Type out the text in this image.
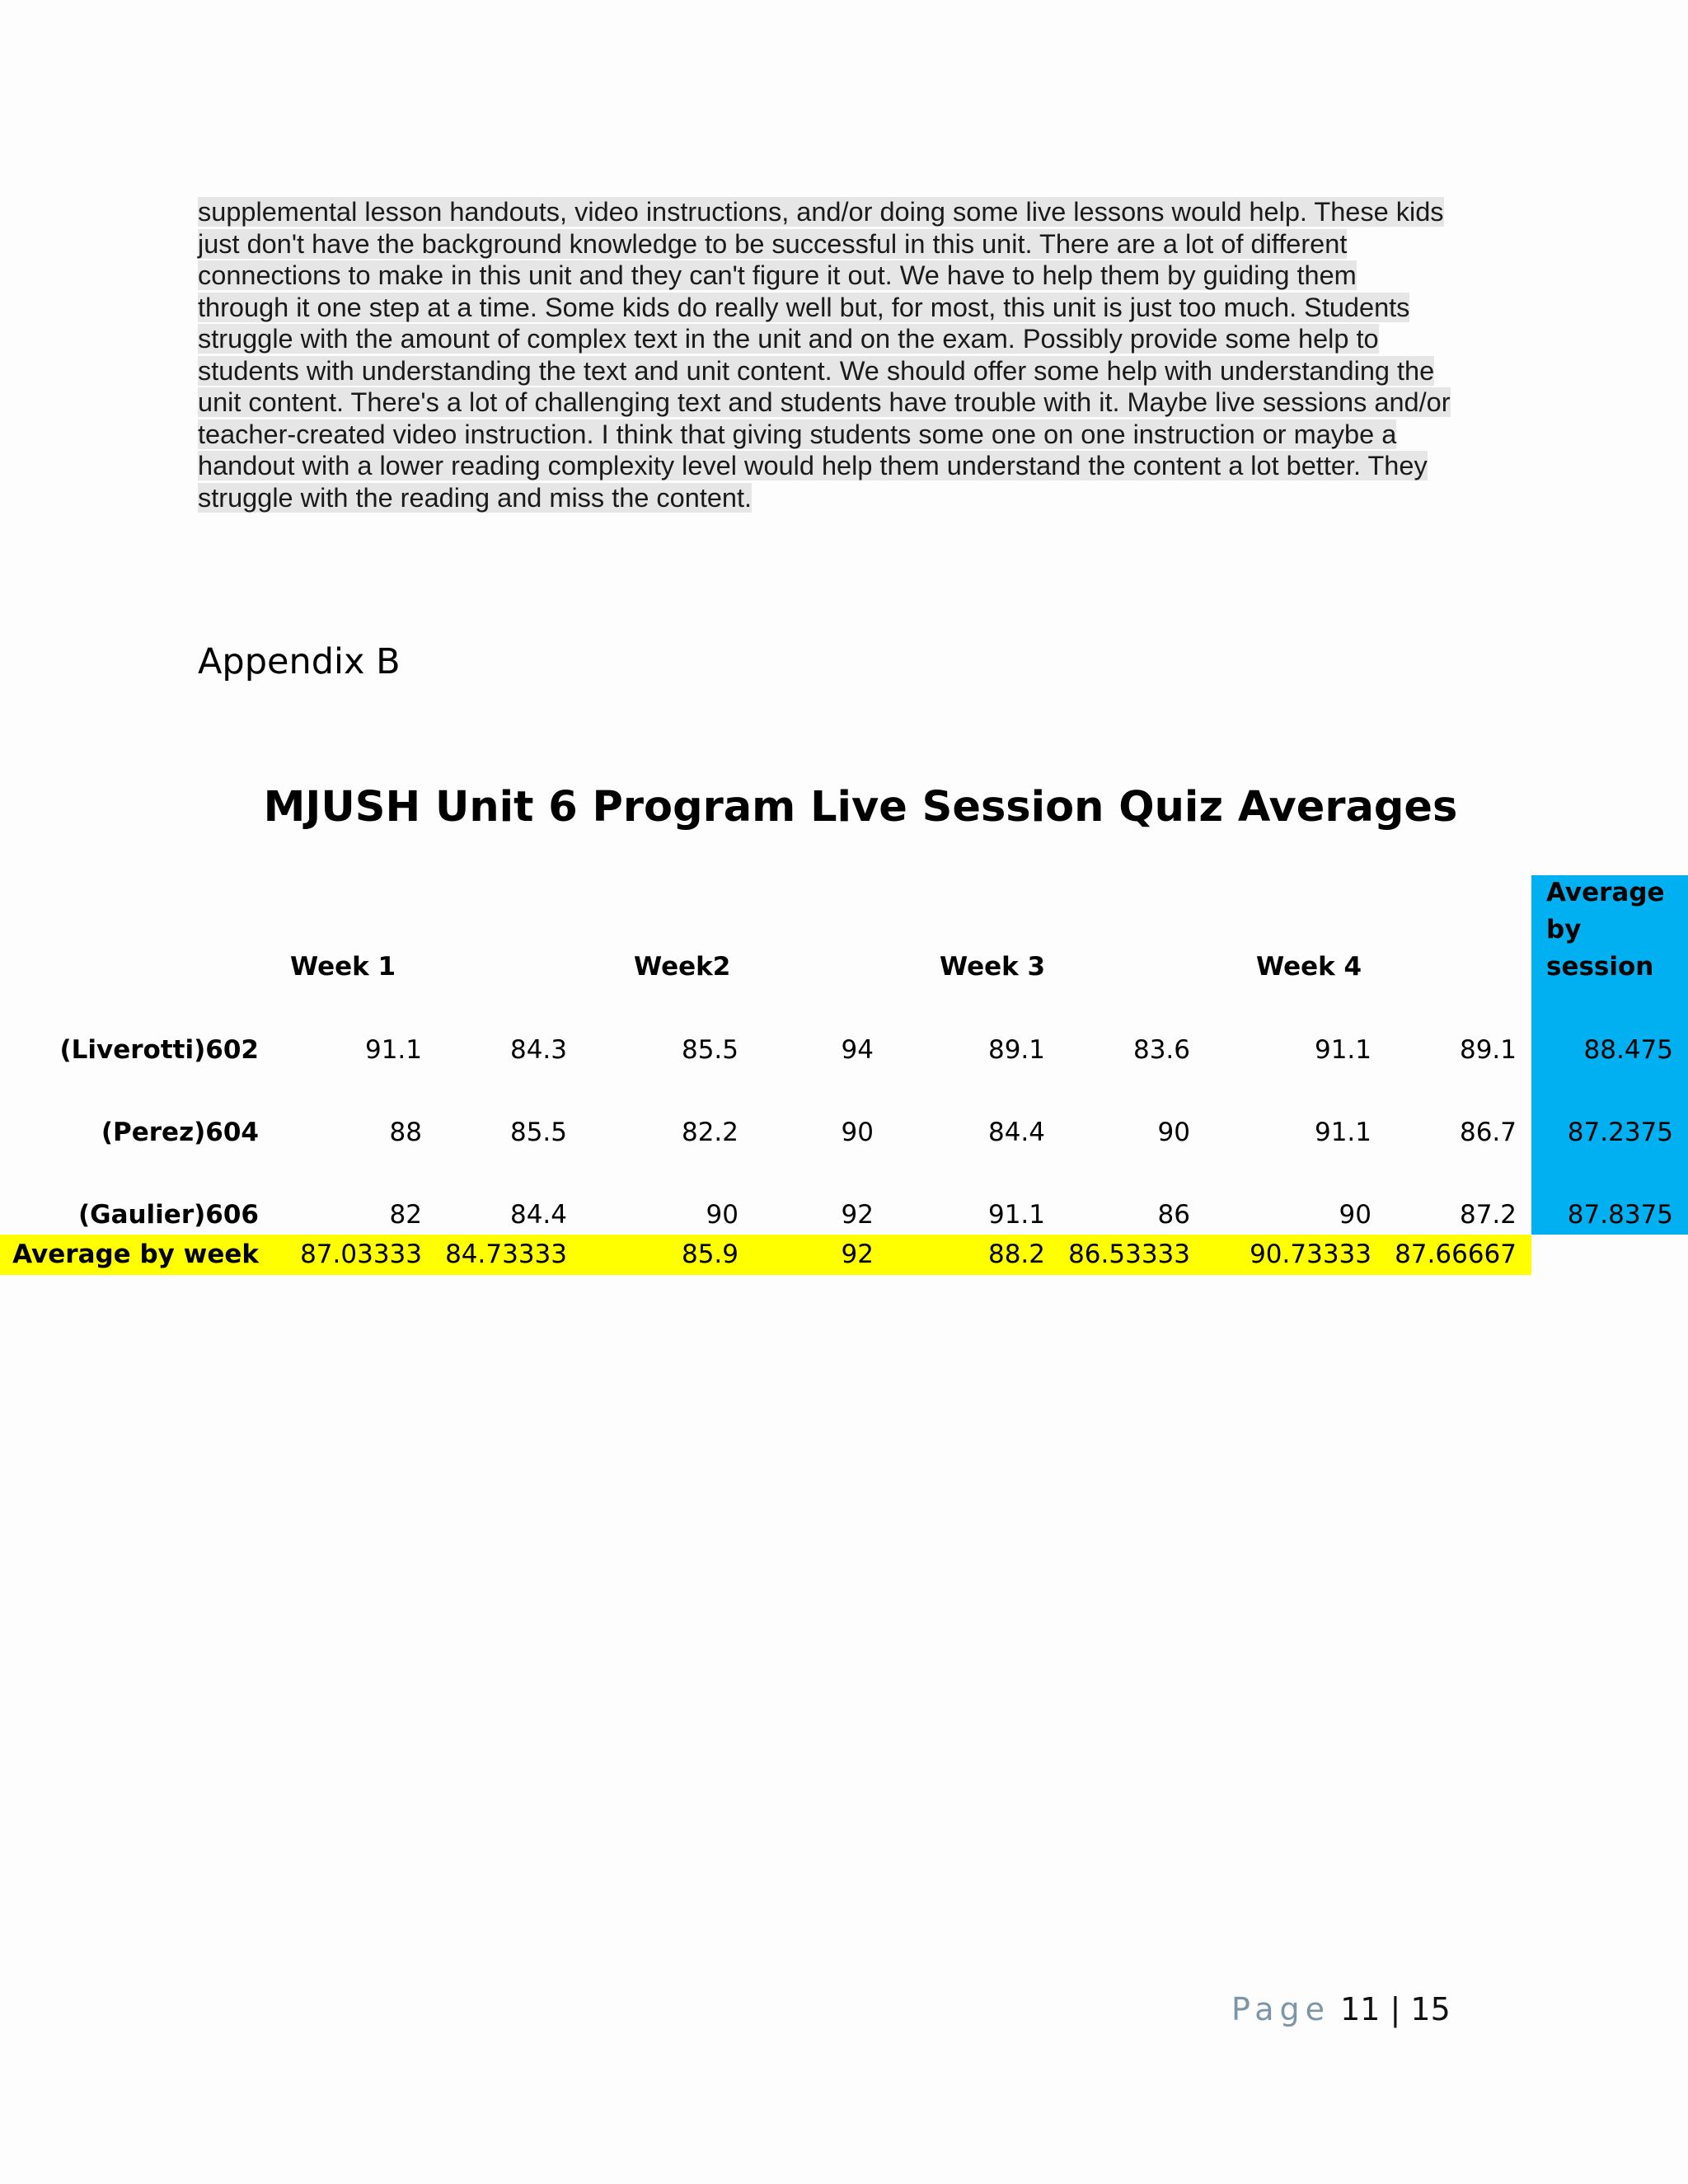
supplemental lesson handouts, video instructions, and/or doing some live lessons would help. These kids
just don't have the background knowledge to be successful in this unit. There are a lot of different
connections to make in this unit and they can't figure it out. We have to help them by guiding them
through it one step at a time. Some kids do really well but, for most, this unit is just too much. Students
struggle with the amount of complex text in the unit and on the exam. Possibly provide some help to
students with understanding the text and unit content. We should offer some help with understanding the
unit content. There's a lot of challenging text and students have trouble with it. Maybe live sessions and/or
teacher-created video instruction. I think that giving students some one on one instruction or maybe a
handout with a lower reading complexity level would help them understand the content a lot better. They
struggle with the reading and miss the content.
Appendix B
MJUSH Unit 6 Program Live Session Quiz Averages
Week 1	Week2	Week 3	Week 4
Average
by
session
(Liverotti)602	91.1	84.3	85.5	94	89.1	83.6	91.1	89.1	88.475
(Perez)604	88	85.5	82.2	90	84.4	90	91.1	86.7 87.2375
(Gaulier)606	82	84.4	90	92	91.1	86	90	87.2 87.8375
Average by week 87.03333 84.73333	85.9	92	88.2 86.53333 90.73333 87.66667
Page 11 | 15
